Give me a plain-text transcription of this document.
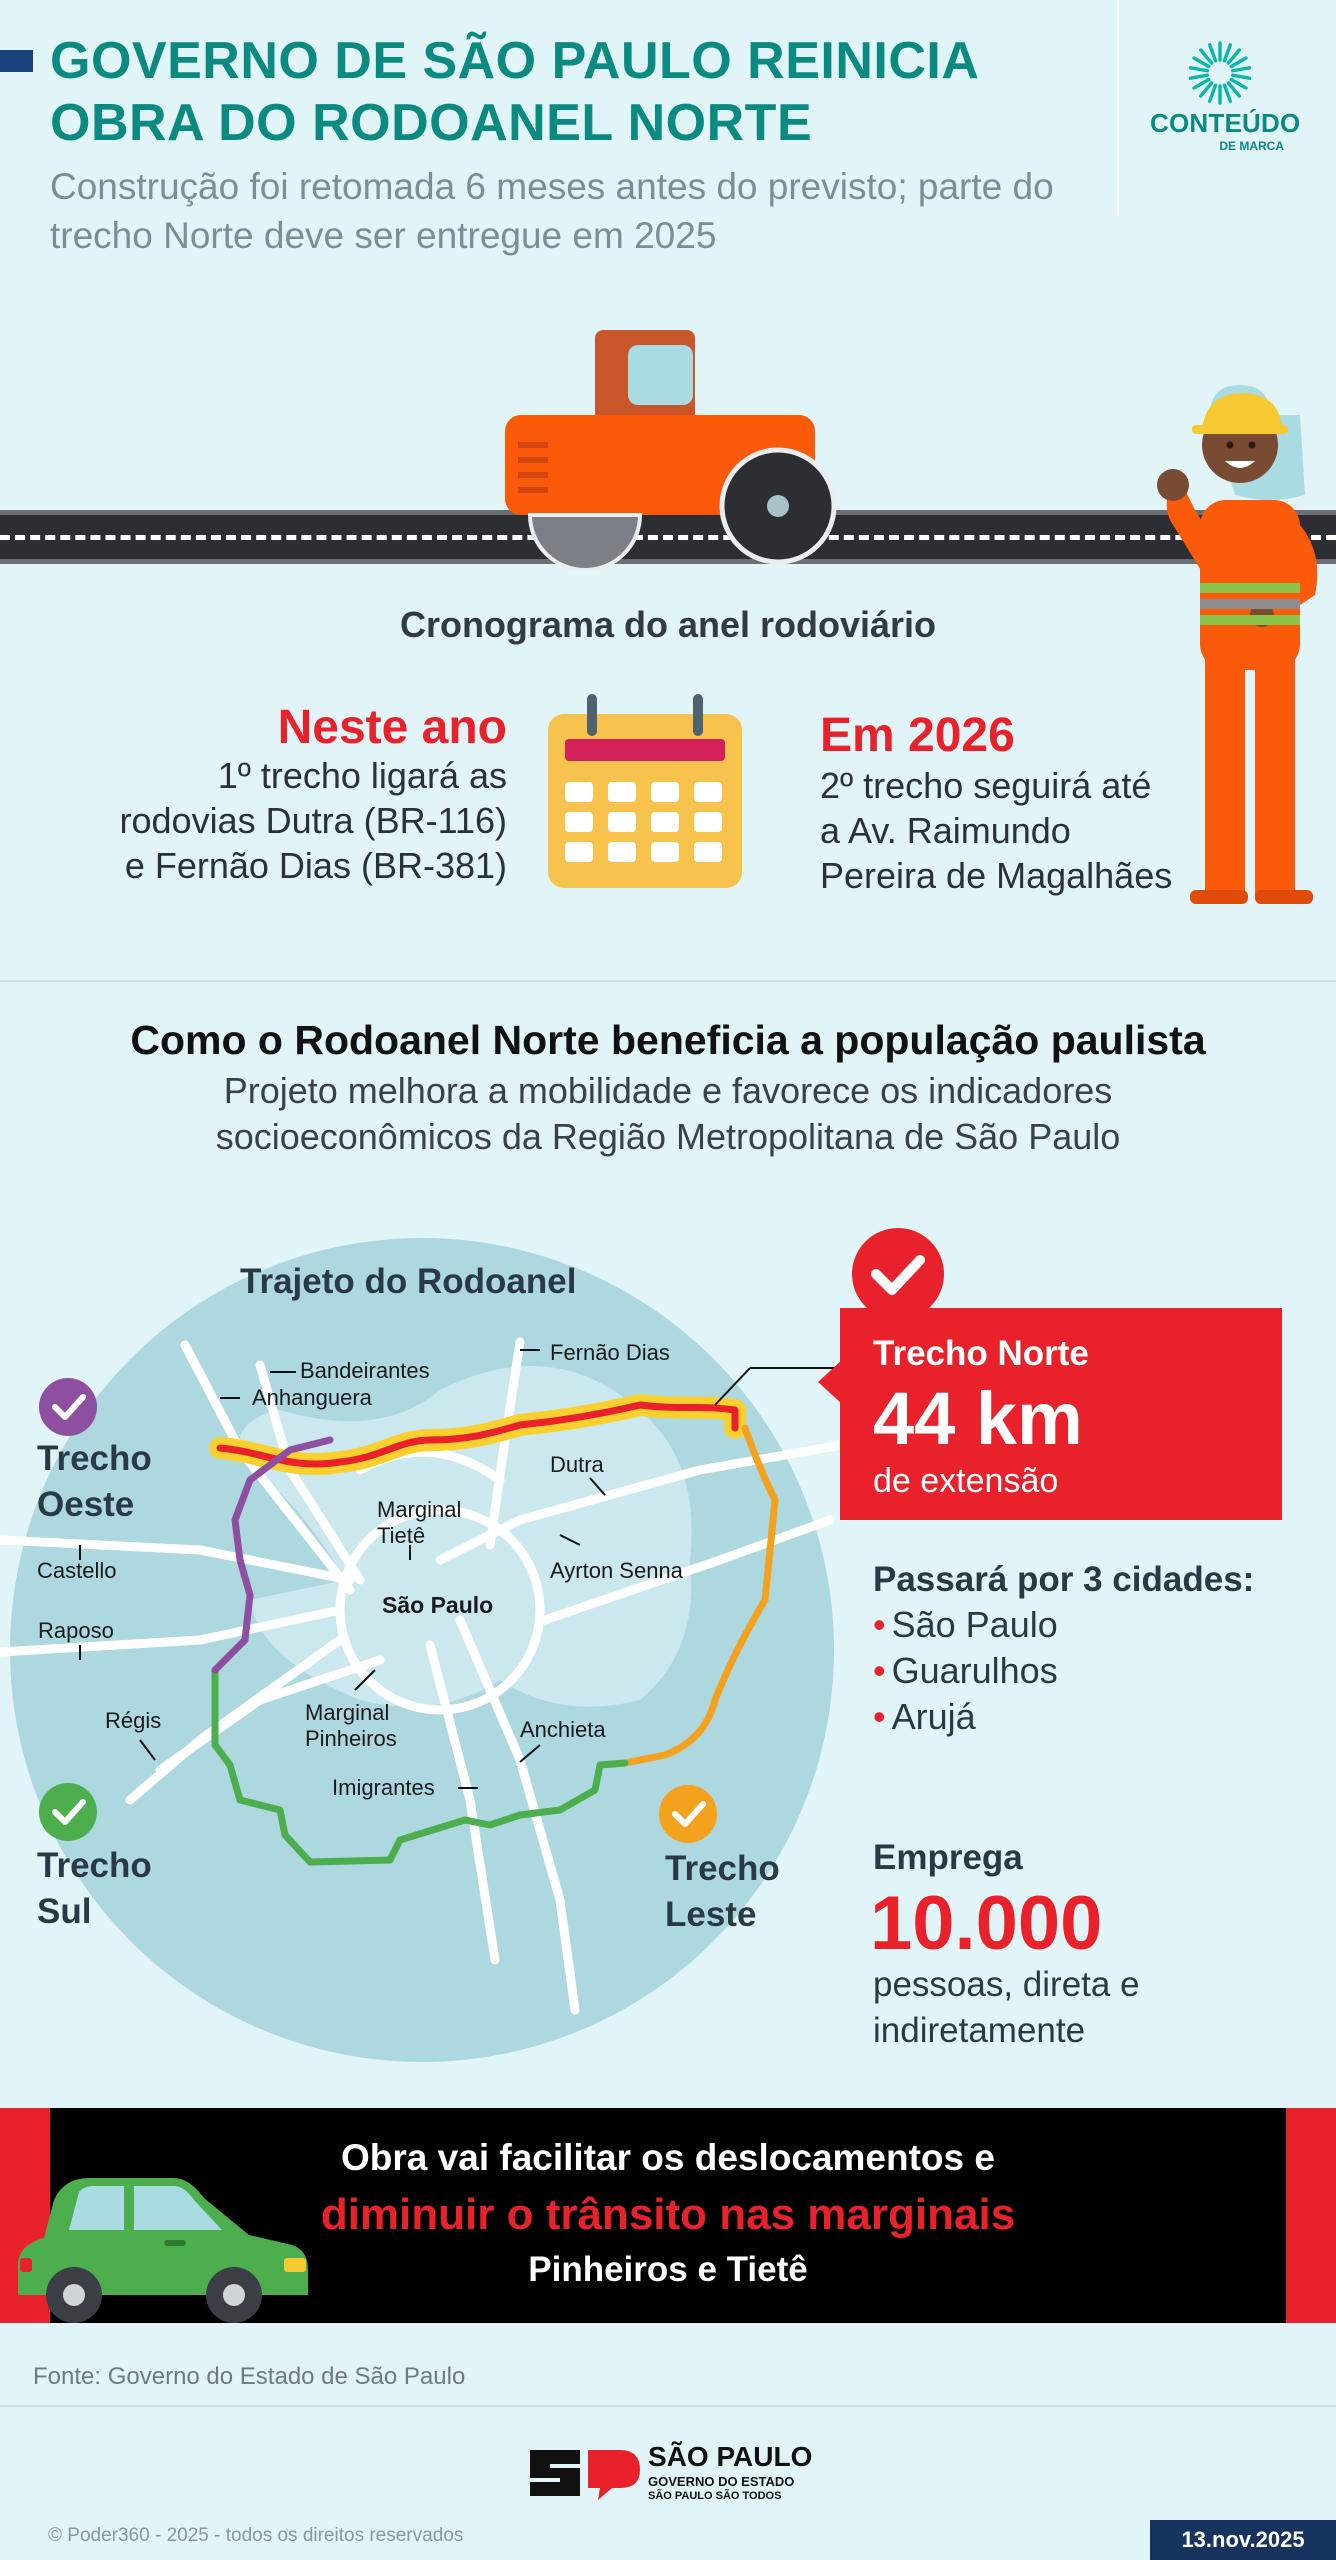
GOVERNO DE SÃO PAULO REINICIA OBRA DO RODOANEL NORTE
Construção foi retomada 6 meses antes do previsto; parte do trecho Norte deve ser entregue em 2025
CONTEÚDO
DE MARCA
Cronograma do anel rodoviário
Neste ano
1º trecho ligará as
rodovias Dutra (BR-116)
e Fernão Dias (BR-381)
Em 2026
2º trecho seguirá até
a Av. Raimundo
Pereira de Magalhães
Como o Rodoanel Norte beneficia a população paulista
Projeto melhora a mobilidade e favorece os indicadores
socioeconômicos da Região Metropolitana de São Paulo
Trajeto do Rodoanel
Bandeirantes
Anhanguera
Fernão Dias
Dutra
Marginal
Tietê
Ayrton Senna
São Paulo
Castello
Raposo
Régis	Marginal
Pinheiros	Anchieta
Imigrantes
Trecho
Oeste
Trecho
Sul
Trecho
Leste
Trecho Norte
44 km
de extensão
Passará por 3 cidades:
• São Paulo
• Guarulhos
• Arujá
Emprega
10.000
pessoas, direta e
indiretamente
Obra vai facilitar os deslocamentos e
diminuir o trânsito nas marginais
Pinheiros e Tietê
Fonte: Governo do Estado de São Paulo
SÃO PAULO
GOVERNO DO ESTADO
SÃO PAULO SÃO TODOS
© Poder360 - 2025 - todos os direitos reservados	13.nov.2025
